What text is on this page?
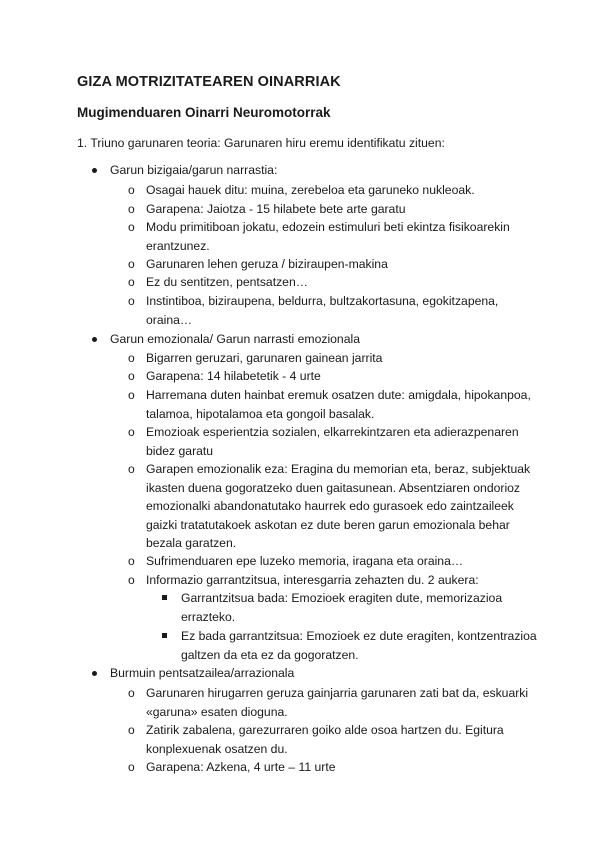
GIZA MOTRIZITATEAREN OINARRIAK
Mugimenduaren Oinarri Neuromotorrak
1. Triuno garunaren teoria: Garunaren hiru eremu identifikatu zituen:
Garun bizigaia/garun narrastia:
o Osagai hauek ditu: muina, zerebeloa eta garuneko nukleoak.
o Garapena: Jaiotza - 15 hilabete bete arte garatu
o Modu primitiboan jokatu, edozein estimuluri beti ekintza fisikoarekin erantzunez.
o Garunaren lehen geruza / biziraupen-makina
o Ez du sentitzen, pentsatzen…
o Instintiboa, biziraupena, beldurra, bultzakortasuna, egokitzapena, oraina…
Garun emozionala/ Garun narrasti emozionala
o Bigarren geruzari, garunaren gainean jarrita
o Garapena: 14 hilabetetik - 4 urte
o Harremana duten hainbat eremuk osatzen dute: amigdala, hipokanpoa, talamoa, hipotalamoa eta gongoil basalak.
o Emozioak esperientzia sozialen, elkarrekintzaren eta adierazpenaren bidez garatu
o Garapen emozionalik eza: Eragina du memorian eta, beraz, subjektuak ikasten duena gogoratzeko duen gaitasunean. Absentziaren ondorioz emozionalki abandonatutako haurrek edo gurasoek edo zaintzaileek gaizki tratatutakoek askotan ez dute beren garun emozionala behar bezala garatzen.
o Sufrimenduaren epe luzeko memoria, iragana eta oraina…
o Informazio garrantzitsua, interesgarria zehazten du. 2 aukera:
Garrantzitsua bada: Emozioek eragiten dute, memorizazioa errazteko.
Ez bada garrantzitsua: Emozioek ez dute eragiten, kontzentrazioa galtzen da eta ez da gogoratzen.
Burmuin pentsatzailea/arrazionala
o Garunaren hirugarren geruza gainjarria garunaren zati bat da, eskuarki «garuna» esaten dioguna.
o Zatirik zabalena, garezurraren goiko alde osoa hartzen du. Egitura konplexuenak osatzen du.
o Garapena: Azkena, 4 urte – 11 urte
